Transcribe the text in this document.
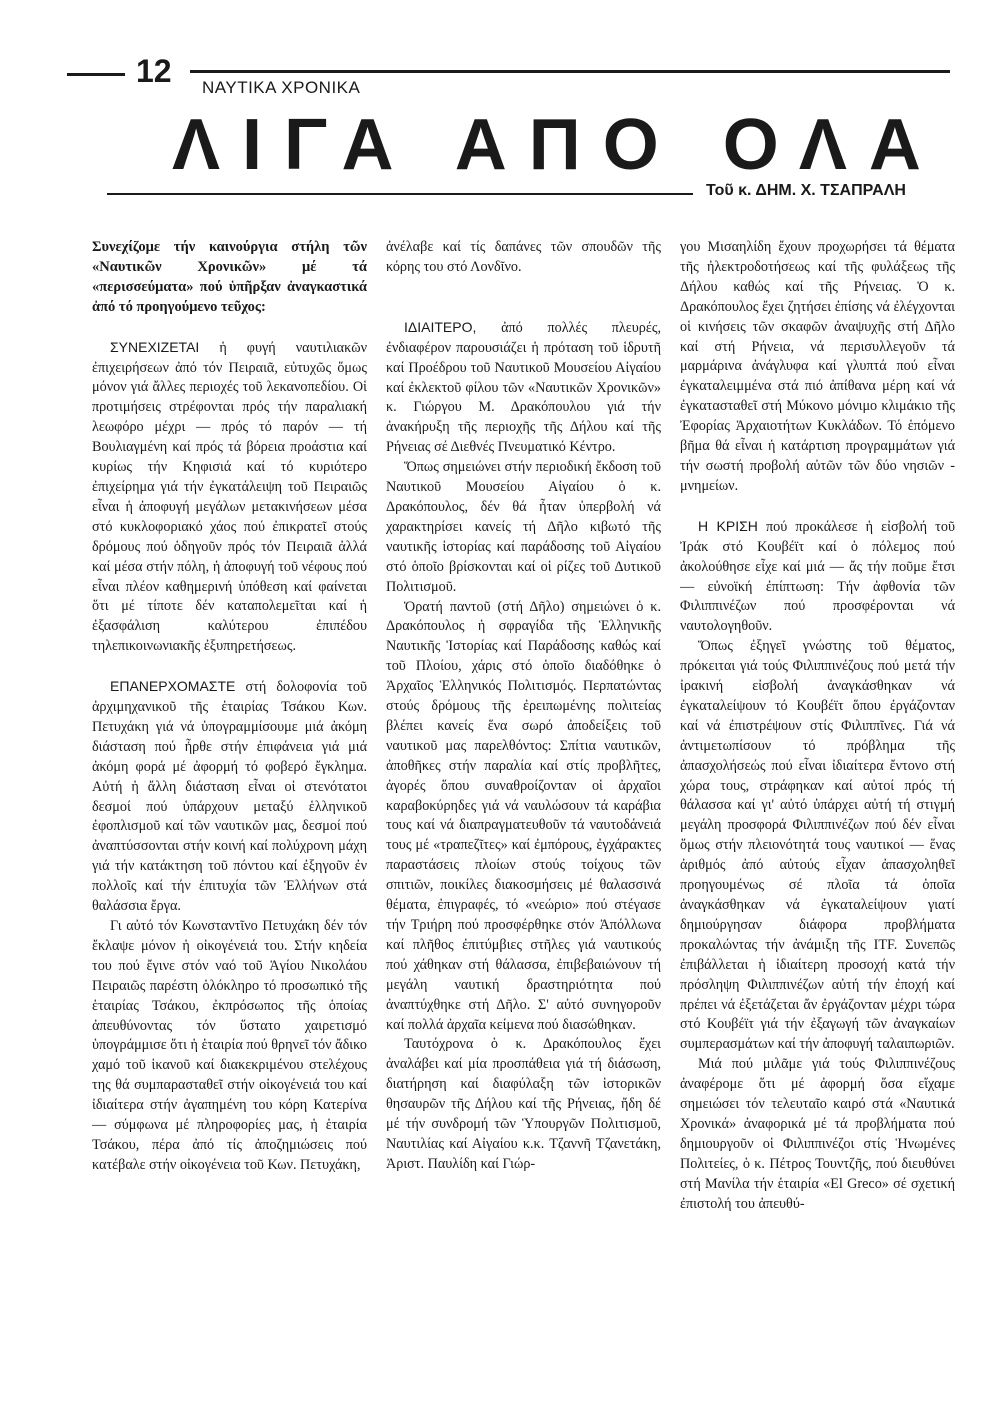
12 ΝΑΥΤΙΚΑ ΧΡΟΝΙΚΑ
ΛΙΓΑ ΑΠΟ ΟΛΑ
Τοῦ κ. ΔΗΜ. Χ. ΤΣΑΠΡΑΛΗ

Συνεχίζομε τήν καινούργια στήλη τῶν «Ναυτικῶν Χρονικῶν» μέ τά «περισσεύματα» πού ὑπῆρξαν ἀναγκαστικά ἀπό τό προηγούμενο τεῦχος:

ΣΥΝΕΧΙΖΕΤΑΙ ἡ φυγή ναυτιλιακῶν ἐπιχειρήσεων ἀπό τόν Πειραιᾶ, εὐτυχῶς ὅμως μόνον γιά ἄλλες περιοχές τοῦ λεκανοπεδίου. Οἱ προτιμήσεις στρέφονται πρός τήν παραλιακή λεωφόρο μέχρι — πρός τό παρόν — τή Βουλιαγμένη καί πρός τά βόρεια προάστια καί κυρίως τήν Κηφισιά καί τό κυριότερο ἐπιχείρημα γιά τήν ἐγκατάλειψη τοῦ Πειραιῶς εἶναι ἡ ἀποφυγή μεγάλων μετακινήσεων μέσα στό κυκλοφοριακό χάος πού ἐπικρατεῖ στούς δρόμους πού ὁδηγοῦν πρός τόν Πειραιᾶ ἀλλά καί μέσα στήν πόλη, ἡ ἀποφυγή τοῦ νέφους πού εἶναι πλέον καθημερινή ὑπόθεση καί φαίνεται ὅτι μέ τίποτε δέν καταπολεμεῖται καί ἡ ἐξασφάλιση καλύτερου ἐπιπέδου τηλεπικοινωνιακῆς ἐξυπηρετήσεως.

ΕΠΑΝΕΡΧΟΜΑΣΤΕ στή δολοφονία τοῦ ἀρχιμηχανικοῦ τῆς ἑταιρίας Τσάκου Κων. Πετυχάκη γιά νά ὑπογραμμίσουμε μιά ἀκόμη διάσταση πού ἦρθε στήν ἐπιφάνεια γιά μιά ἀκόμη φορά μέ ἀφορμή τό φοβερό ἔγκλημα. Αὐτή ἡ ἄλλη διάσταση εἶναι οἱ στενότατοι δεσμοί πού ὑπάρχουν μεταξύ ἑλληνικοῦ ἐφοπλισμοῦ καί τῶν ναυτικῶν μας, δεσμοί πού ἀναπτύσσονται στήν κοινή καί πολύχρονη μάχη γιά τήν κατάκτηση τοῦ πόντου καί ἐξηγοῦν ἐν πολλοῖς καί τήν ἐπιτυχία τῶν Ἑλλήνων στά θαλάσσια ἔργα.

Γι αὐτό τόν Κωνσταντῖνο Πετυχάκη δέν τόν ἔκλαψε μόνον ἡ οἰκογένειά του. Στήν κηδεία του πού ἔγινε στόν ναό τοῦ Ἁγίου Νικολάου Πειραιῶς παρέστη ὁλόκληρο τό προσωπικό τῆς ἑταιρίας Τσάκου, ἐκπρόσωπος τῆς ὁποίας ἀπευθύνοντας τόν ὕστατο χαιρετισμό ὑπογράμμισε ὅτι ἡ ἑταιρία πού θρηνεῖ τόν ἄδικο χαμό τοῦ ἱκανοῦ καί διακεκριμένου στελέχους της θά συμπαρασταθεῖ στήν οἰκογένειά του καί ἰδιαίτερα στήν ἀγαπημένη του κόρη Κατερίνα — σύμφωνα μέ πληροφορίες μας, ἡ ἑταιρία Τσάκου, πέρα ἀπό τίς ἀποζημιώσεις πού κατέβαλε στήν οἰκογένεια τοῦ Κων. Πετυχάκη,

ἀνέλαβε καί τίς δαπάνες τῶν σπουδῶν τῆς κόρης του στό Λονδῖνο.

ΙΔΙΑΙΤΕΡΟ, ἀπό πολλές πλευρές, ἐνδιαφέρον παρουσιάζει ἡ πρόταση τοῦ ἱδρυτῆ καί Προέδρου τοῦ Ναυτικοῦ Μουσείου Αἰγαίου καί ἐκλεκτοῦ φίλου τῶν «Ναυτικῶν Χρονικῶν» κ. Γιώργου Μ. Δρακόπουλου γιά τήν ἀνακήρυξη τῆς περιοχῆς τῆς Δήλου καί τῆς Ρήνειας σέ Διεθνές Πνευματικό Κέντρο.

Ὅπως σημειώνει στήν περιοδική ἔκδοση τοῦ Ναυτικοῦ Μουσείου Αἰγαίου ὁ κ. Δρακόπουλος, δέν θά ἦταν ὑπερβολή νά χαρακτηρίσει κανείς τή Δῆλο κιβωτό τῆς ναυτικῆς ἱστορίας καί παράδοσης τοῦ Αἰγαίου στό ὁποῖο βρίσκονται καί οἱ ρίζες τοῦ Δυτικοῦ Πολιτισμοῦ.

Ὁρατή παντοῦ (στή Δῆλο) σημειώνει ὁ κ. Δρακόπουλος ἡ σφραγίδα τῆς Ἑλληνικῆς Ναυτικῆς Ἱστορίας καί Παράδοσης καθώς καί τοῦ Πλοίου, χάρις στό ὁποῖο διαδόθηκε ὁ Ἀρχαῖος Ἑλληνικός Πολιτισμός. Περπατώντας στούς δρόμους τῆς ἐρειπωμένης πολιτείας βλέπει κανείς ἕνα σωρό ἀποδείξεις τοῦ ναυτικοῦ μας παρελθόντος: Σπίτια ναυτικῶν, ἀποθῆκες στήν παραλία καί στίς προβλῆτες, ἀγορές ὅπου συναθροίζονταν οἱ ἀρχαῖοι καραβοκύρηδες γιά νά ναυλώσουν τά καράβια τους καί νά διαπραγματευθοῦν τά ναυτοδάνειά τους μέ «τραπεζῖτες» καί ἐμπόρους, ἐγχάρακτες παραστάσεις πλοίων στούς τοίχους τῶν σπιτιῶν, ποικίλες διακοσμήσεις μέ θαλασσινά θέματα, ἐπιγραφές, τό «νεώριο» πού στέγασε τήν Τριήρη πού προσφέρθηκε στόν Ἀπόλλωνα καί πλῆθος ἐπιτύμβιες στῆλες γιά ναυτικούς πού χάθηκαν στή θάλασσα, ἐπιβεβαιώνουν τή μεγάλη ναυτική δραστηριότητα πού ἀναπτύχθηκε στή Δῆλο. Σ' αὐτό συνηγοροῦν καί πολλά ἀρχαῖα κείμενα πού διασώθηκαν.

Ταυτόχρονα ὁ κ. Δρακόπουλος ἔχει ἀναλάβει καί μία προσπάθεια γιά τή διάσωση, διατήρηση καί διαφύλαξη τῶν ἱστορικῶν θησαυρῶν τῆς Δήλου καί τῆς Ρήνειας, ἤδη δέ μέ τήν συνδρομή τῶν Ὑπουργῶν Πολιτισμοῦ, Ναυτιλίας καί Αἰγαίου κ.κ. Τζαννῆ Τζανετάκη, Ἀριστ. Παυλίδη καί Γιώρ-

γου Μισαηλίδη ἔχουν προχωρήσει τά θέματα τῆς ἠλεκτροδοτήσεως καί τῆς φυλάξεως τῆς Δήλου καθώς καί τῆς Ρήνειας. Ὁ κ. Δρακόπουλος ἔχει ζητήσει ἐπίσης νά ἐλέγχονται οἱ κινήσεις τῶν σκαφῶν ἀναψυχῆς στή Δῆλο καί στή Ρήνεια, νά περισυλλεγοῦν τά μαρμάρινα ἀνάγλυφα καί γλυπτά πού εἶναι ἐγκαταλειμμένα στά πιό ἀπίθανα μέρη καί νά ἐγκατασταθεῖ στή Μύκονο μόνιμο κλιμάκιο τῆς Ἐφορίας Ἀρχαιοτήτων Κυκλάδων. Τό ἑπόμενο βῆμα θά εἶναι ἡ κατάρτιση προγραμμάτων γιά τήν σωστή προβολή αὐτῶν τῶν δύο νησιῶν - μνημείων.

Η ΚΡΙΣΗ πού προκάλεσε ἡ εἰσβολή τοῦ Ἰράκ στό Κουβέϊτ καί ὁ πόλεμος πού ἀκολούθησε εἶχε καί μιά — ἄς τήν ποῦμε ἔτσι— εὐνοϊκή ἐπίπτωση: Τήν ἀφθονία τῶν Φιλιππινέζων πού προσφέρονται νά ναυτολογηθοῦν.

Ὅπως ἐξηγεῖ γνώστης τοῦ θέματος, πρόκειται γιά τούς Φιλιππινέζους πού μετά τήν ἰρακινή εἰσβολή ἀναγκάσθηκαν νά ἐγκαταλείψουν τό Κουβέϊτ ὅπου ἐργάζονταν καί νά ἐπιστρέψουν στίς Φιλιππῖνες. Γιά νά ἀντιμετωπίσουν τό πρόβλημα τῆς ἀπασχολήσεώς πού εἶναι ἰδιαίτερα ἔντονο στή χώρα τους, στράφηκαν καί αὐτοί πρός τή θάλασσα καί γι' αὐτό ὑπάρχει αὐτή τή στιγμή μεγάλη προσφορά Φιλιππινέζων πού δέν εἶναι ὅμως στήν πλειονότητά τους ναυτικοί — ἕνας ἀριθμός ἀπό αὐτούς εἶχαν ἀπασχοληθεῖ προηγουμένως σέ πλοῖα τά ὁποῖα ἀναγκάσθηκαν νά ἐγκαταλείψουν γιατί δημιούργησαν διάφορα προβλήματα προκαλώντας τήν ἀνάμιξη τῆς ITF. Συνεπῶς ἐπιβάλλεται ἡ ἰδιαίτερη προσοχή κατά τήν πρόσληψη Φιλιππινέζων αὐτή τήν ἐποχή καί πρέπει νά ἐξετάζεται ἄν ἐργάζονταν μέχρι τώρα στό Κουβέϊτ γιά τήν ἐξαγωγή τῶν ἀναγκαίων συμπερασμάτων καί τήν ἀποφυγή ταλαιπωριῶν.

Μιά πού μιλᾶμε γιά τούς Φιλιππινέζους ἀναφέρομε ὅτι μέ ἀφορμή ὅσα εἴχαμε σημειώσει τόν τελευταῖο καιρό στά «Ναυτικά Χρονικά» ἀναφορικά μέ τά προβλήματα πού δημιουργοῦν οἱ Φιλιππινέζοι στίς Ἡνωμένες Πολιτείες, ὁ κ. Πέτρος Τουντζῆς, πού διευθύνει στή Μανίλα τήν ἑταιρία «El Greco» σέ σχετική ἐπιστολή του ἀπευθύ-
